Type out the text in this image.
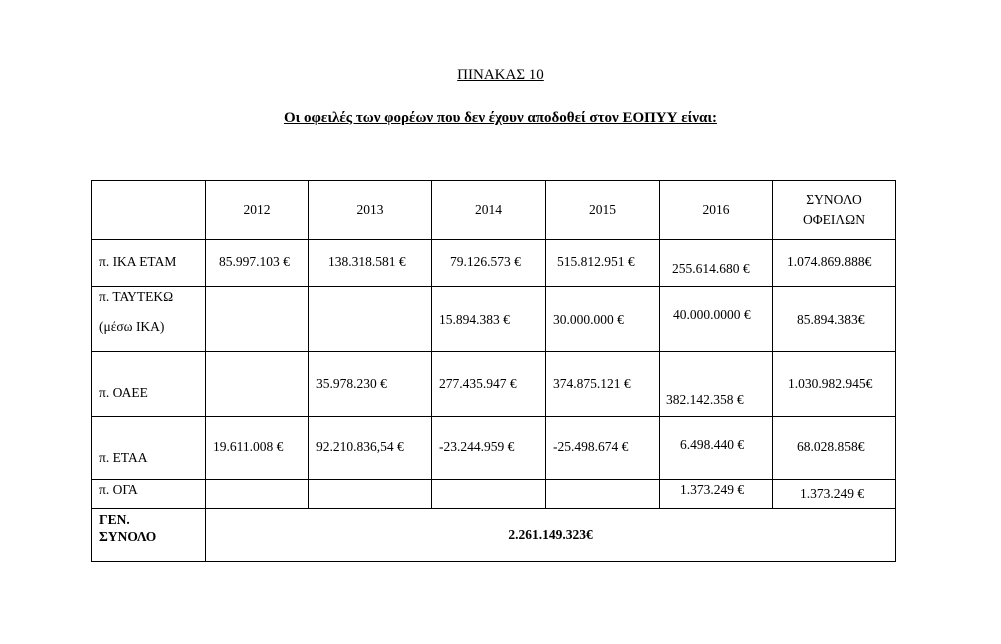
ΠΙΝΑΚΑΣ 10
Οι οφειλές των φορέων που δεν έχουν αποδοθεί στον ΕΟΠΥΥ είναι:
	2012	2013	2014	2015	2016	ΣΥΝΟΛΟ
ΟΦΕΙΛΩΝ

π. ΙΚΑ ΕΤΑΜ	85.997.103 €	138.318.581 €	79.126.573 €	515.812.951 €	255.614.680 €	1.074.869.888€

π. ΤΑΥΤΕΚΩ
(μέσω ΙΚΑ)			15.894.383 €	30.000.000 €	40.000.0000 €	85.894.383€

π. ΟΑΕΕ		35.978.230 €	277.435.947 €	374.875.121 €	382.142.358 €	1.030.982.945€

π. ΕΤΑΑ	19.611.008 €	92.210.836,54 €	-23.244.959 €	-25.498.674 €	6.498.440 €	68.028.858€

π. ΟΓΑ					1.373.249 €	1.373.249 €

ΓΕΝ.
ΣΥΝΟΛΟ	2.261.149.323€					
